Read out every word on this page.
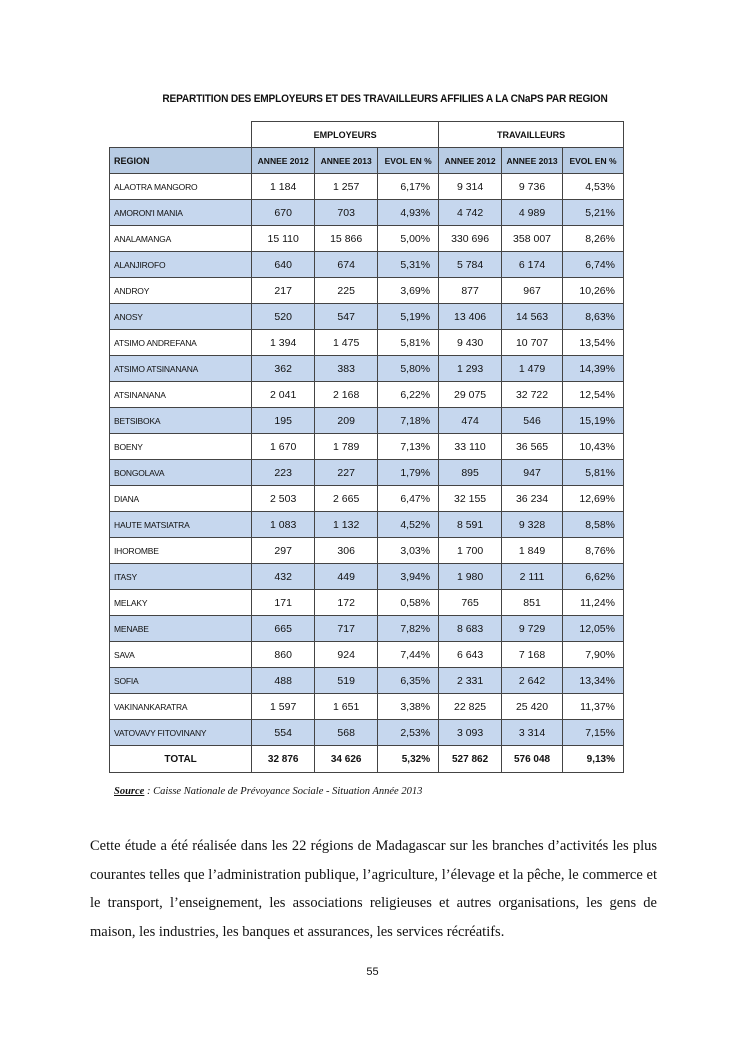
REPARTITION DES EMPLOYEURS ET DES TRAVAILLEURS AFFILIES A LA CNaPS PAR REGION
	EMPLOYEURS			TRAVAILLEURS		
REGION	ANNEE 2012	ANNEE 2013	EVOL EN %	ANNEE 2012	ANNEE 2013	EVOL EN %
ALAOTRA MANGORO	1 184	1 257	6,17%	9 314	9 736	4,53%
AMORON'I MANIA	670	703	4,93%	4 742	4 989	5,21%
ANALAMANGA	15 110	15 866	5,00%	330 696	358 007	8,26%
ALANJIROFO	640	674	5,31%	5 784	6 174	6,74%
ANDROY	217	225	3,69%	877	967	10,26%
ANOSY	520	547	5,19%	13 406	14 563	8,63%
ATSIMO ANDREFANA	1 394	1 475	5,81%	9 430	10 707	13,54%
ATSIMO ATSINANANA	362	383	5,80%	1 293	1 479	14,39%
ATSINANANA	2 041	2 168	6,22%	29 075	32 722	12,54%
BETSIBOKA	195	209	7,18%	474	546	15,19%
BOENY	1 670	1 789	7,13%	33 110	36 565	10,43%
BONGOLAVA	223	227	1,79%	895	947	5,81%
DIANA	2 503	2 665	6,47%	32 155	36 234	12,69%
HAUTE MATSIATRA	1 083	1 132	4,52%	8 591	9 328	8,58%
IHOROMBE	297	306	3,03%	1 700	1 849	8,76%
ITASY	432	449	3,94%	1 980	2 111	6,62%
MELAKY	171	172	0,58%	765	851	11,24%
MENABE	665	717	7,82%	8 683	9 729	12,05%
SAVA	860	924	7,44%	6 643	7 168	7,90%
SOFIA	488	519	6,35%	2 331	2 642	13,34%
VAKINANKARATRA	1 597	1 651	3,38%	22 825	25 420	11,37%
VATOVAVY FITOVINANY	554	568	2,53%	3 093	3 314	7,15%
TOTAL	32 876	34 626	5,32%	527 862	576 048	9,13%
Source : Caisse Nationale de Prévoyance Sociale - Situation Année 2013
Cette étude a été réalisée dans les 22 régions de Madagascar sur les branches d’activités les plus courantes telles que l’administration publique, l’agriculture, l’élevage et la pêche, le commerce et le transport, l’enseignement, les associations religieuses et autres organisations, les gens de maison, les industries, les banques et assurances, les services récréatifs.
55
